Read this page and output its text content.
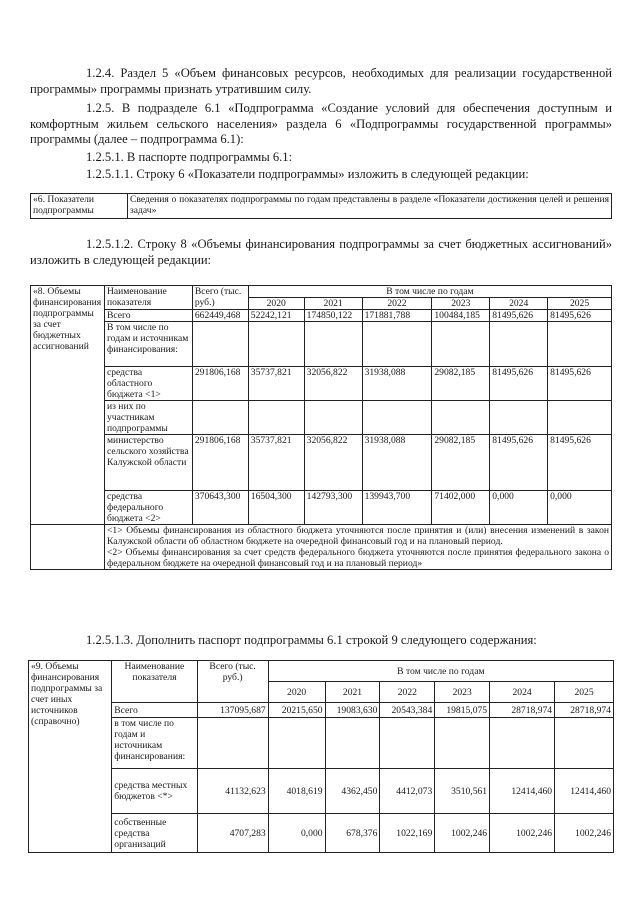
1.2.4. Раздел 5 «Объем финансовых ресурсов, необходимых для реализации государственной программы» программы признать утратившим силу.

1.2.5. В подразделе 6.1 «Подпрограмма «Создание условий для обеспечения доступным и комфортным жильем сельского населения» раздела 6 «Подпрограммы государственной программы» программы (далее – подпрограмма 6.1):

1.2.5.1. В паспорте подпрограммы 6.1:

1.2.5.1.1. Строку 6 «Показатели подпрограммы» изложить в следующей редакции:

«6. Показатели подпрограммы	Сведения о показателях подпрограммы по годам представлены в разделе «Показатели достижения целей и решения задач»

1.2.5.1.2. Строку 8 «Объемы финансирования подпрограммы за счет бюджетных ассигнований» изложить в следующей редакции:

«8. Объемы финансирования подпрограммы за счет бюджетных ассигнований	Наименование показателя	Всего (тыс. руб.)	В том числе по годам					
			2020	2021	2022	2023	2024	2025
	Всего	662449,468	52242,121	174850,122	171881,788	100484,185	81495,626	81495,626
	В том числе по годам и источникам финансирования:							
	средства областного бюджета <1>	291806,168	35737,821	32056,822	31938,088	29082,185	81495,626	81495,626
	из них по участникам подпрограммы							
	министерство сельского хозяйства Калужской области	291806,168	35737,821	32056,822	31938,088	29082,185	81495,626	81495,626
	средства федерального бюджета <2>	370643,300	16504,300	142793,300	139943,700	71402,000	0,000	0,000

	<1> Объемы финансирования из областного бюджета уточняются после принятия и (или) внесения изменений в закон Калужской области об областном бюджете на очередной финансовый год и на плановый период.
<2> Объемы финансирования за счет средств федерального бюджета уточняются после принятия федерального закона о федеральном бюджете на очередной финансовый год и на плановый период»							

1.2.5.1.3. Дополнить паспорт подпрограммы 6.1 строкой 9 следующего содержания:

«9. Объемы финансирования подпрограммы за счет иных источников (справочно)	Наименование показателя	Всего (тыс. руб.)	В том числе по годам					
			2020	2021	2022	2023	2024	2025
	Всего	137095,687	20215,650	19083,630	20543,384	19815,075	28718,974	28718,974
	в том числе по годам и источникам финансирования:							
	средства местных бюджетов <*>	41132,623	4018,619	4362,450	4412,073	3510,561	12414,460	12414,460
	собственные средства организаций	4707,283	0,000	678,376	1022,169	1002,246	1002,246	1002,246
